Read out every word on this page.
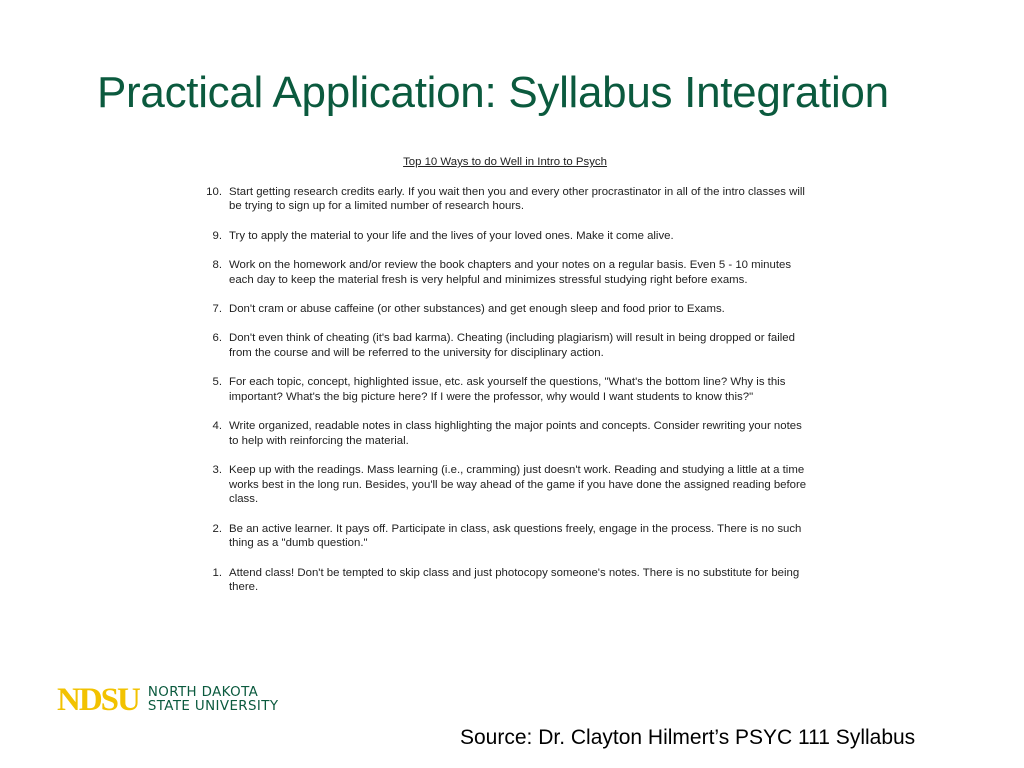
Practical Application: Syllabus Integration
Top 10 Ways to do Well in Intro to Psych
10. Start getting research credits early. If you wait then you and every other procrastinator in all of the intro classes will be trying to sign up for a limited number of research hours.
9. Try to apply the material to your life and the lives of your loved ones. Make it come alive.
8. Work on the homework and/or review the book chapters and your notes on a regular basis. Even 5 - 10 minutes each day to keep the material fresh is very helpful and minimizes stressful studying right before exams.
7. Don't cram or abuse caffeine (or other substances) and get enough sleep and food prior to Exams.
6. Don't even think of cheating (it's bad karma). Cheating (including plagiarism) will result in being dropped or failed from the course and will be referred to the university for disciplinary action.
5. For each topic, concept, highlighted issue, etc. ask yourself the questions, "What's the bottom line? Why is this important? What's the big picture here? If I were the professor, why would I want students to know this?"
4. Write organized, readable notes in class highlighting the major points and concepts. Consider rewriting your notes to help with reinforcing the material.
3. Keep up with the readings. Mass learning (i.e., cramming) just doesn't work. Reading and studying a little at a time works best in the long run. Besides, you'll be way ahead of the game if you have done the assigned reading before class.
2. Be an active learner. It pays off. Participate in class, ask questions freely, engage in the process. There is no such thing as a "dumb question."
1. Attend class! Don't be tempted to skip class and just photocopy someone's notes. There is no substitute for being there.
NDSU NORTH DAKOTA
STATE UNIVERSITY
Source: Dr. Clayton Hilmert’s PSYC 111 Syllabus
